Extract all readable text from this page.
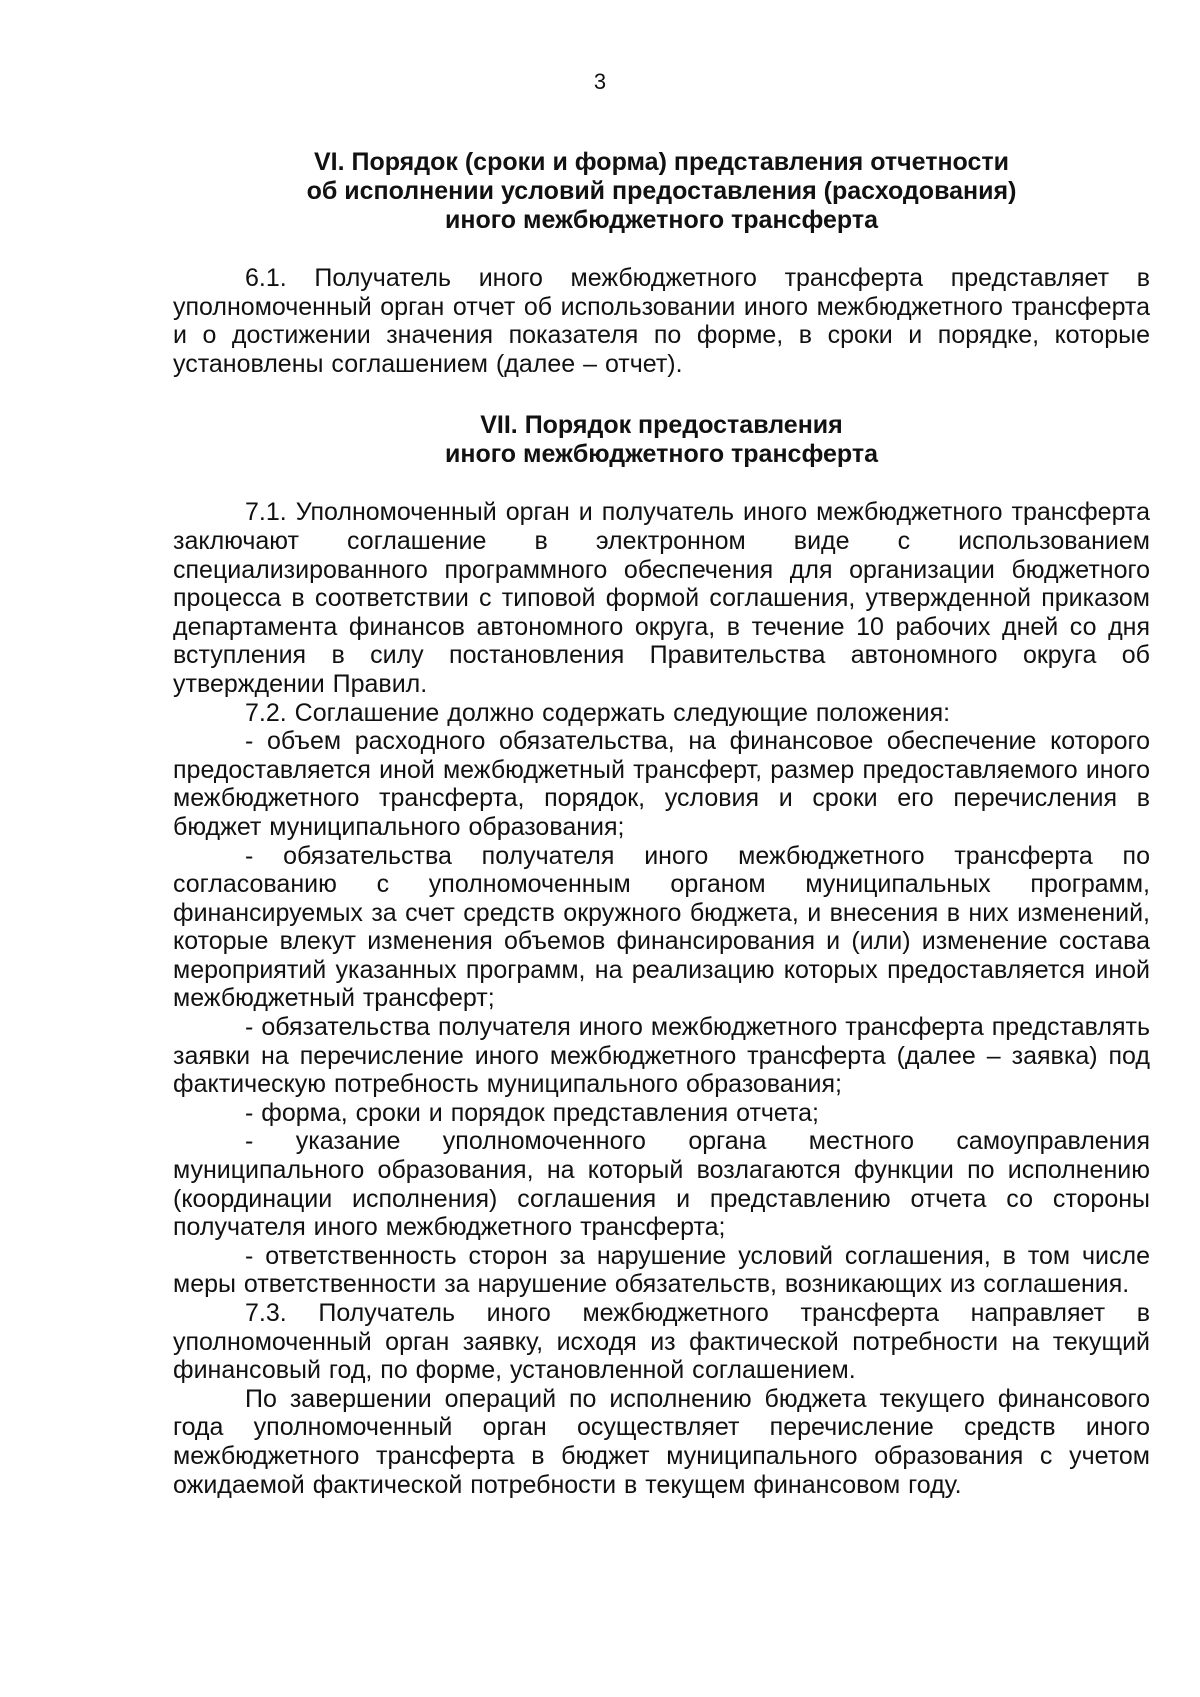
3
VI. Порядок (сроки и форма) представления отчетности
об исполнении условий предоставления (расходования)
иного межбюджетного трансферта

6.1. Получатель иного межбюджетного трансферта представляет в уполномоченный орган отчет об использовании иного межбюджетного трансферта и о достижении значения показателя по форме, в сроки и порядке, которые установлены соглашением (далее – отчет).

VII. Порядок предоставления
иного межбюджетного трансферта

7.1. Уполномоченный орган и получатель иного межбюджетного трансферта заключают соглашение в электронном виде с использованием специализированного программного обеспечения для организации бюджетного процесса в соответствии с типовой формой соглашения, утвержденной приказом департамента финансов автономного округа, в течение 10 рабочих дней со дня вступления в силу постановления Правительства автономного округа об утверждении Правил.

7.2. Соглашение должно содержать следующие положения:

- объем расходного обязательства, на финансовое обеспечение которого предоставляется иной межбюджетный трансферт, размер предоставляемого иного межбюджетного трансферта, порядок, условия и сроки его перечисления в бюджет муниципального образования;

- обязательства получателя иного межбюджетного трансферта по согласованию с уполномоченным органом муниципальных программ, финансируемых за счет средств окружного бюджета, и внесения в них изменений, которые влекут изменения объемов финансирования и (или) изменение состава мероприятий указанных программ, на реализацию которых предоставляется иной межбюджетный трансферт;

- обязательства получателя иного межбюджетного трансферта представлять заявки на перечисление иного межбюджетного трансферта (далее – заявка) под фактическую потребность муниципального образования;

- форма, сроки и порядок представления отчета;

- указание уполномоченного органа местного самоуправления муниципального образования, на который возлагаются функции по исполнению (координации исполнения) соглашения и представлению отчета со стороны получателя иного межбюджетного трансферта;

- ответственность сторон за нарушение условий соглашения, в том числе меры ответственности за нарушение обязательств, возникающих из соглашения.

7.3. Получатель иного межбюджетного трансферта направляет в уполномоченный орган заявку, исходя из фактической потребности на текущий финансовый год, по форме, установленной соглашением.

По завершении операций по исполнению бюджета текущего финансового года уполномоченный орган осуществляет перечисление средств иного межбюджетного трансферта в бюджет муниципального образования с учетом ожидаемой фактической потребности в текущем финансовом году.
